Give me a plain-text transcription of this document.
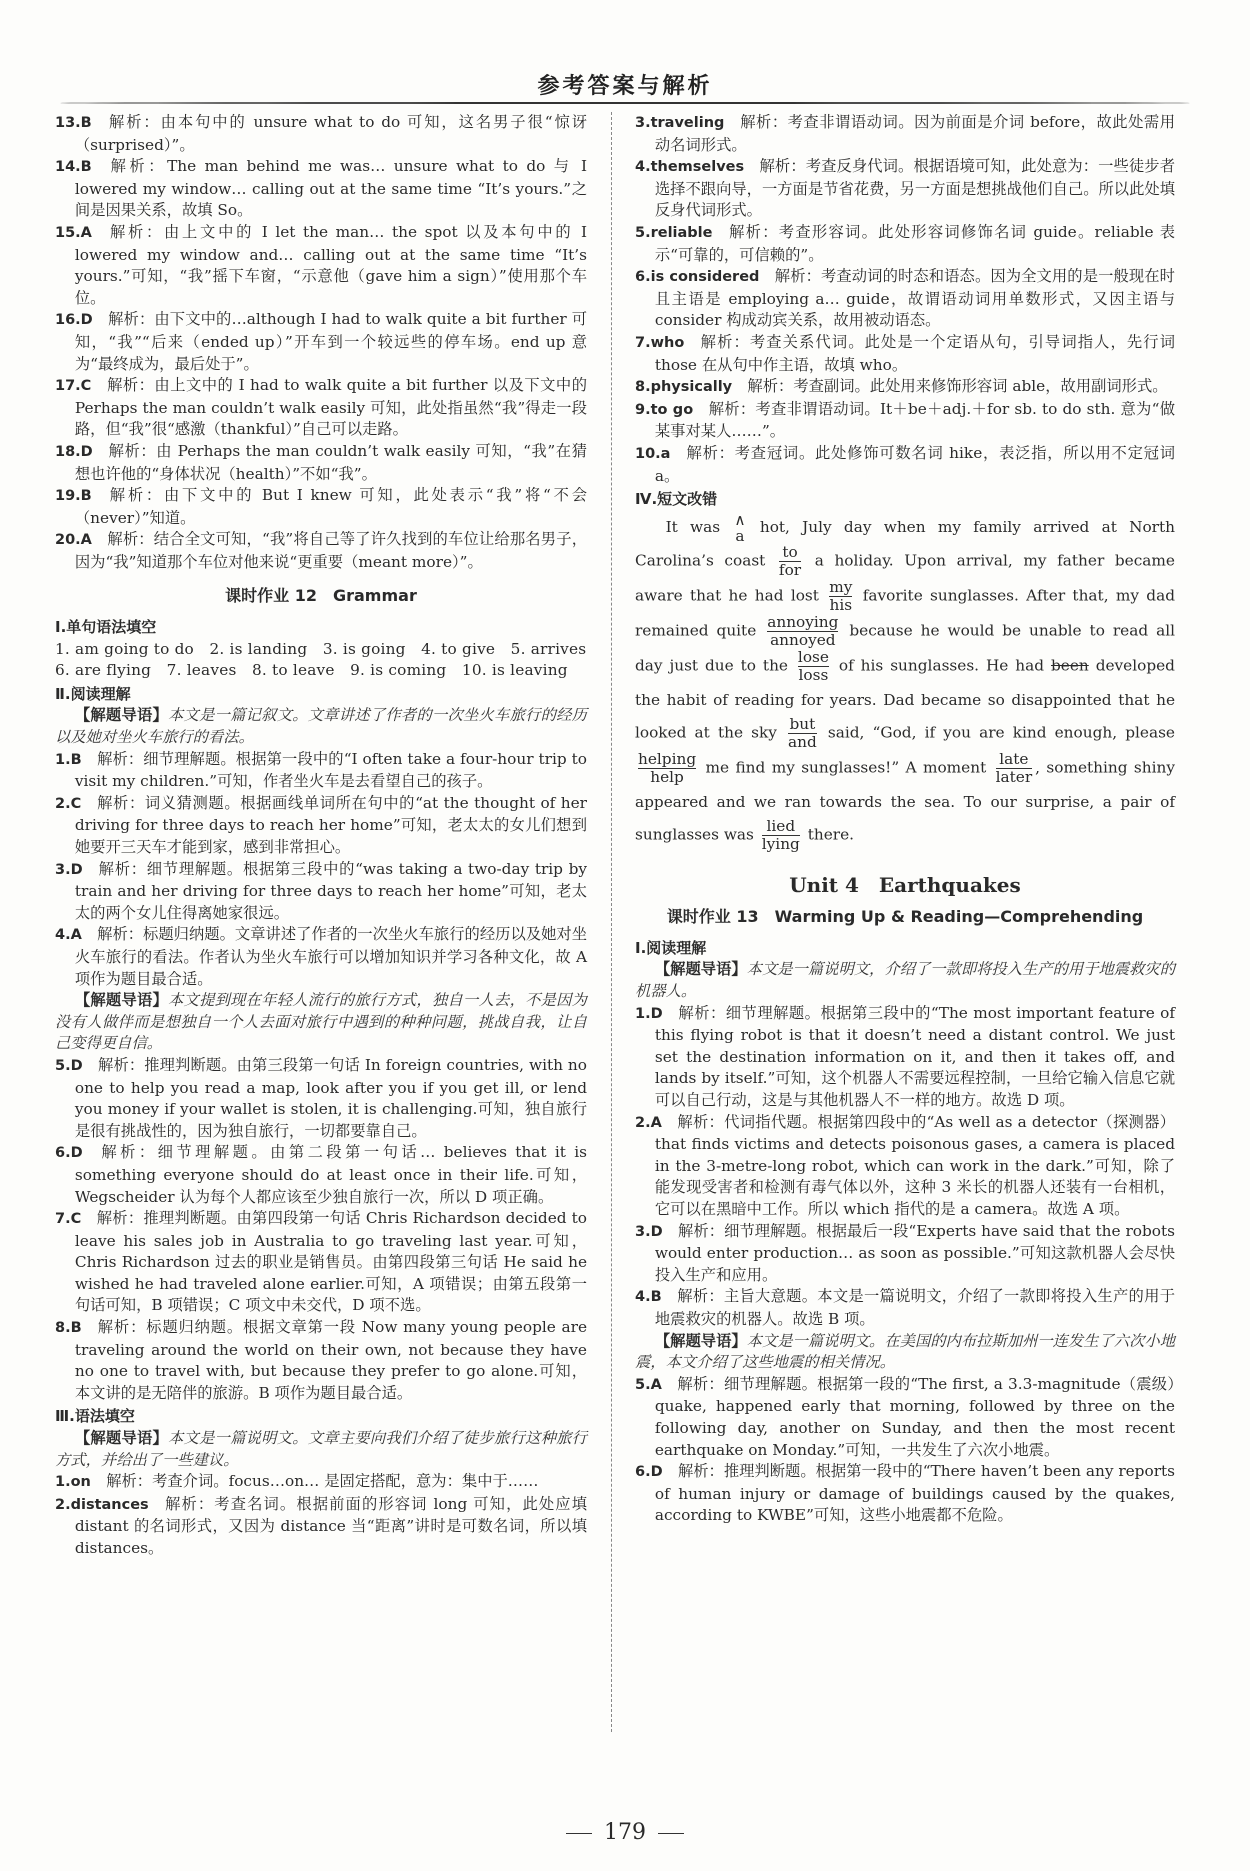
参考答案与解析
13.B  解析：由本句中的 unsure what to do 可知，这名男子很“惊讶（surprised）”。
14.B  解析：The man behind me was… unsure what to do 与 I lowered my window… calling out at the same time “It’s yours.”之间是因果关系，故填 So。
15.A  解析：由上文中的 I let the man… the spot 以及本句中的 I lowered my window and… calling out at the same time “It’s yours.”可知，“我”摇下车窗，“示意他（gave him a sign）”使用那个车位。
16.D  解析：由下文中的…although I had to walk quite a bit further 可知，“我”“后来（ended up）”开车到一个较远些的停车场。end up 意为“最终成为，最后处于”。
17.C  解析：由上文中的 I had to walk quite a bit further 以及下文中的 Perhaps the man couldn’t walk easily 可知，此处指虽然“我”得走一段路，但“我”很“感激（thankful）”自己可以走路。
18.D  解析：由 Perhaps the man couldn’t walk easily 可知，“我”在猜想也许他的“身体状况（health）”不如“我”。
19.B  解析：由下文中的 But I knew 可知，此处表示“我”将“不会（never）”知道。
20.A  解析：结合全文可知，“我”将自己等了许久找到的车位让给那名男子，因为“我”知道那个车位对他来说“更重要（meant more）”。
课时作业 12　Grammar
Ⅰ.单句语法填空
1. am going to do　2. is landing　3. is going　4. to give　5. arrives
6. are flying　7. leaves　8. to leave　9. is coming　10. is leaving
Ⅱ.阅读理解
【解题导语】本文是一篇记叙文。文章讲述了作者的一次坐火车旅行的经历以及她对坐火车旅行的看法。
1.B  解析：细节理解题。根据第一段中的“I often take a four-hour trip to visit my children.”可知，作者坐火车是去看望自己的孩子。
2.C  解析：词义猜测题。根据画线单词所在句中的“at the thought of her driving for three days to reach her home”可知，老太太的女儿们想到她要开三天车才能到家，感到非常担心。
3.D  解析：细节理解题。根据第三段中的“was taking a two-day trip by train and her driving for three days to reach her home”可知，老太太的两个女儿住得离她家很远。
4.A  解析：标题归纳题。文章讲述了作者的一次坐火车旅行的经历以及她对坐火车旅行的看法。作者认为坐火车旅行可以增加知识并学习各种文化，故 A 项作为题目最合适。
【解题导语】本文提到现在年轻人流行的旅行方式，独自一人去，不是因为没有人做伴而是想独自一个人去面对旅行中遇到的种种问题，挑战自我，让自己变得更自信。
5.D  解析：推理判断题。由第三段第一句话 In foreign countries, with no one to help you read a map, look after you if you get ill, or lend you money if your wallet is stolen, it is challenging.可知，独自旅行是很有挑战性的，因为独自旅行，一切都要靠自己。
6.D  解析：细节理解题。由第二段第一句话… believes that it is something everyone should do at least once in their life.可知，Wegscheider 认为每个人都应该至少独自旅行一次，所以 D 项正确。
7.C  解析：推理判断题。由第四段第一句话 Chris Richardson decided to leave his sales job in Australia to go traveling last year.可知，Chris Richardson 过去的职业是销售员。由第四段第三句话 He said he wished he had traveled alone earlier.可知，A 项错误；由第五段第一句话可知，B 项错误；C 项文中未交代，D 项不选。
8.B  解析：标题归纳题。根据文章第一段 Now many young people are traveling around the world on their own, not because they have no one to travel with, but because they prefer to go alone.可知，本文讲的是无陪伴的旅游。B 项作为题目最合适。
Ⅲ.语法填空
【解题导语】本文是一篇说明文。文章主要向我们介绍了徒步旅行这种旅行方式，并给出了一些建议。
1.on  解析：考查介词。focus…on… 是固定搭配，意为：集中于……
2.distances  解析：考查名词。根据前面的形容词 long 可知，此处应填 distant 的名词形式，又因为 distance 当“距离”讲时是可数名词，所以填 distances。
3.traveling  解析：考查非谓语动词。因为前面是介词 before，故此处需用动名词形式。
4.themselves  解析：考查反身代词。根据语境可知，此处意为：一些徒步者选择不跟向导，一方面是节省花费，另一方面是想挑战他们自己。所以此处填反身代词形式。
5.reliable  解析：考查形容词。此处形容词修饰名词 guide。reliable 表示“可靠的，可信赖的”。
6.is considered  解析：考查动词的时态和语态。因为全文用的是一般现在时且主语是 employing a… guide，故谓语动词用单数形式，又因主语与 consider 构成动宾关系，故用被动语态。
7.who  解析：考查关系代词。此处是一个定语从句，引导词指人，先行词 those 在从句中作主语，故填 who。
8.physically  解析：考查副词。此处用来修饰形容词 able，故用副词形式。
9.to go  解析：考查非谓语动词。It＋be＋adj.＋for sb. to do sth. 意为“做某事对某人……”。
10.a  解析：考查冠词。此处修饰可数名词 hike，表泛指，所以用不定冠词 a。
Ⅳ.短文改错
It was ∧
a hot, July day when my family arrived at North Carolina’s coast to
for
a holiday. Upon arrival, my father became aware that he had lost my
his
favorite sunglasses. After that, my dad remained quite annoying
annoyed
because he would be unable to read all day just due to the lose
loss
of his sunglasses. He had been developed the habit of reading for years. Dad became so disappointed that he looked at the sky but
and
said, “God, if you are kind enough, please
helping
help
me find my sunglasses!” A moment late
later
, something shiny appeared and we ran towards the sea. To our surprise, a pair of sunglasses was lied
lying
there.
Unit 4　Earthquakes
课时作业 13　Warming Up & Reading—Comprehending
Ⅰ.阅读理解
【解题导语】本文是一篇说明文，介绍了一款即将投入生产的用于地震救灾的机器人。
1.D  解析：细节理解题。根据第三段中的“The most important feature of this flying robot is that it doesn’t need a distant control. We just set the destination information on it, and then it takes off, and lands by itself.”可知，这个机器人不需要远程控制，一旦给它输入信息它就可以自己行动，这是与其他机器人不一样的地方。故选 D 项。
2.A  解析：代词指代题。根据第四段中的“As well as a detector（探测器）that finds victims and detects poisonous gases, a camera is placed in the 3-metre-long robot, which can work in the dark.”可知，除了能发现受害者和检测有毒气体以外，这种 3 米长的机器人还装有一台相机，它可以在黑暗中工作。所以 which 指代的是 a camera。故选 A 项。
3.D  解析：细节理解题。根据最后一段“Experts have said that the robots would enter production… as soon as possible.”可知这款机器人会尽快投入生产和应用。
4.B  解析：主旨大意题。本文是一篇说明文，介绍了一款即将投入生产的用于地震救灾的机器人。故选 B 项。
【解题导语】本文是一篇说明文。在美国的内布拉斯加州一连发生了六次小地震，本文介绍了这些地震的相关情况。
5.A  解析：细节理解题。根据第一段的“The first, a 3.3-magnitude（震级）quake, happened early that morning, followed by three on the following day, another on Sunday, and then the most recent earthquake on Monday.”可知，一共发生了六次小地震。
6.D  解析：推理判断题。根据第一段中的“There haven’t been any reports of human injury or damage of buildings caused by the quakes, according to KWBE”可知，这些小地震都不危险。
179
